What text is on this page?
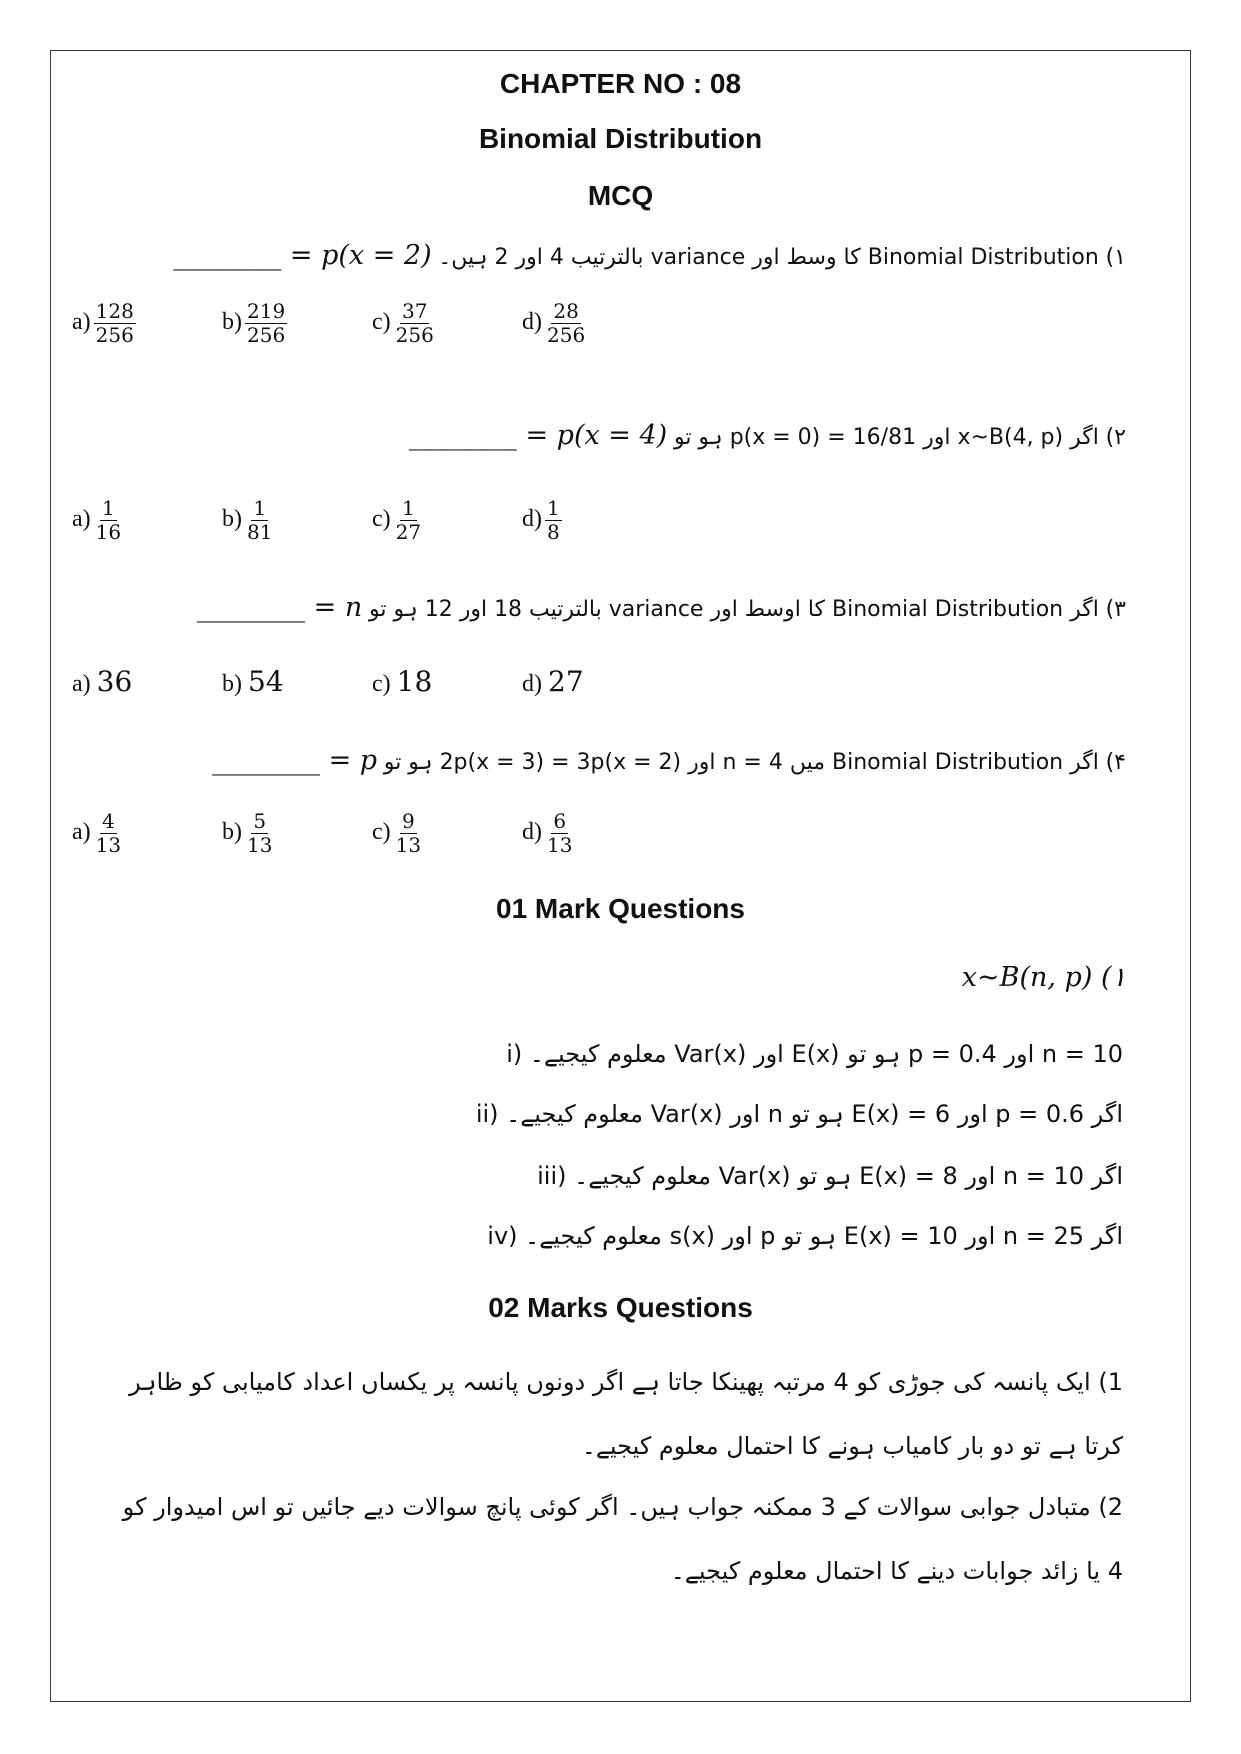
CHAPTER NO : 08
Binomial Distribution
MCQ
۱) Binomial Distribution کا وسط اور variance بالترتیب 4 اور 2 ہیں۔ p(x = 2) = ________
$a) \frac{128}{256}$	$b) \frac{219}{256}$	$c) \frac{37}{256}$	$d) \frac{28}{256}$
۲) اگر x~B(4, p) اور p(x = 0) = 16/81 ہو تو p(x = 4) = ________
$a) \frac{1}{16}$	$b) \frac{1}{81}$	$c) \frac{1}{27}$	$d) \frac{1}{8}$
۳) اگر Binomial Distribution کا اوسط اور variance بالترتیب 18 اور 12 ہو تو n = ________
a) 36	b) 54	c) 18	d) 27
۴) اگر Binomial Distribution میں n = 4 اور 2p(x = 3) = 3p(x = 2) ہو تو p = ________
$a) \frac{4}{13}$	$b) \frac{5}{13}$	$c) \frac{9}{13}$	$d) \frac{6}{13}$
01 Mark Questions
x~B(n, p) (۱
n = 10 اور p = 0.4 ہو تو E(x) اور Var(x) معلوم کیجیے۔ (i
اگر p = 0.6 اور E(x) = 6 ہو تو n اور Var(x) معلوم کیجیے۔ (ii
اگر n = 10 اور E(x) = 8 ہو تو Var(x) معلوم کیجیے۔ (iii
اگر n = 25 اور E(x) = 10 ہو تو p اور s(x) معلوم کیجیے۔ (iv
02 Marks Questions
1) ایک پانسہ کی جوڑی کو 4 مرتبہ پھینکا جاتا ہے اگر دونوں پانسہ پر یکساں اعداد کامیابی کو ظاہر کرتا ہے تو دو بار کامیاب ہونے کا احتمال معلوم کیجیے۔
2) متبادل جوابی سوالات کے 3 ممکنہ جواب ہیں۔ اگر کوئی پانچ سوالات دیے جائیں تو اس امیدوار کو 4 یا زائد جوابات دینے کا احتمال معلوم کیجیے۔
